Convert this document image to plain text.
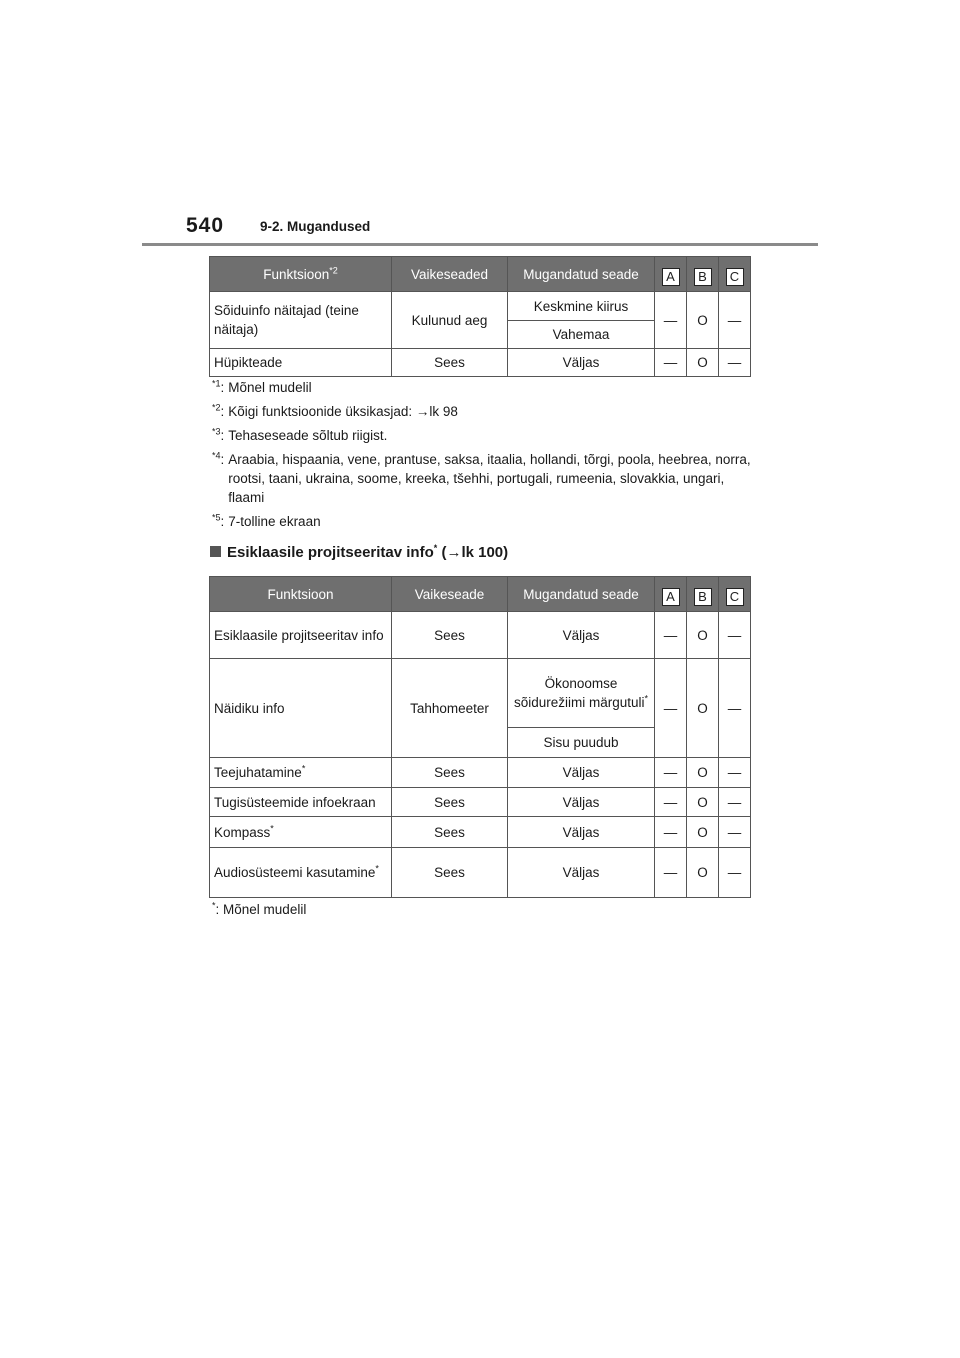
540	9-2. Mugandused
Funktsioon$^{*2}$	Vaikeseaded	Mugandatud seade	A	B	C
Sõiduinfo näitajad (teine näitaja)	Kulunud aeg	Keskmine kiirus	—	O	—
		Vahemaa			
Hüpikteade	Sees	Väljas	—	O	—
$^{*1}$: Mõnel mudelil
$^{*2}$: Kõigi funktsioonide üksikasjad: →lk 98
$^{*3}$: Tehaseseade sõltub riigist.
$^{*4}$: Araabia, hispaania, vene, prantuse, saksa, itaalia, hollandi, tõrgi, poola, heebrea, norra, rootsi, taani, ukraina, soome, kreeka, tšehhi, portugali, rumeenia, slovakkia, ungari, flaami
$^{*5}$: 7-tolline ekraan
Esiklaasile projitseeritav info* (→lk 100)
Funktsioon	Vaikeseade	Mugandatud seade	A	B	C
Esiklaasile projitseeritav info	Sees	Väljas	—	O	—
Näidiku info	Tahhomeeter	Ökonoomse sõidurežiimi märgutuli*	—	O	—
		Sisu puudub			
Teejuhatamine*	Sees	Väljas	—	O	—
Tugisüsteemide infoekraan	Sees	Väljas	—	O	—
Kompass*	Sees	Väljas	—	O	—
Audiosüsteemi kasutamine*	Sees	Väljas	—	O	—
*: Mõnel mudelil
